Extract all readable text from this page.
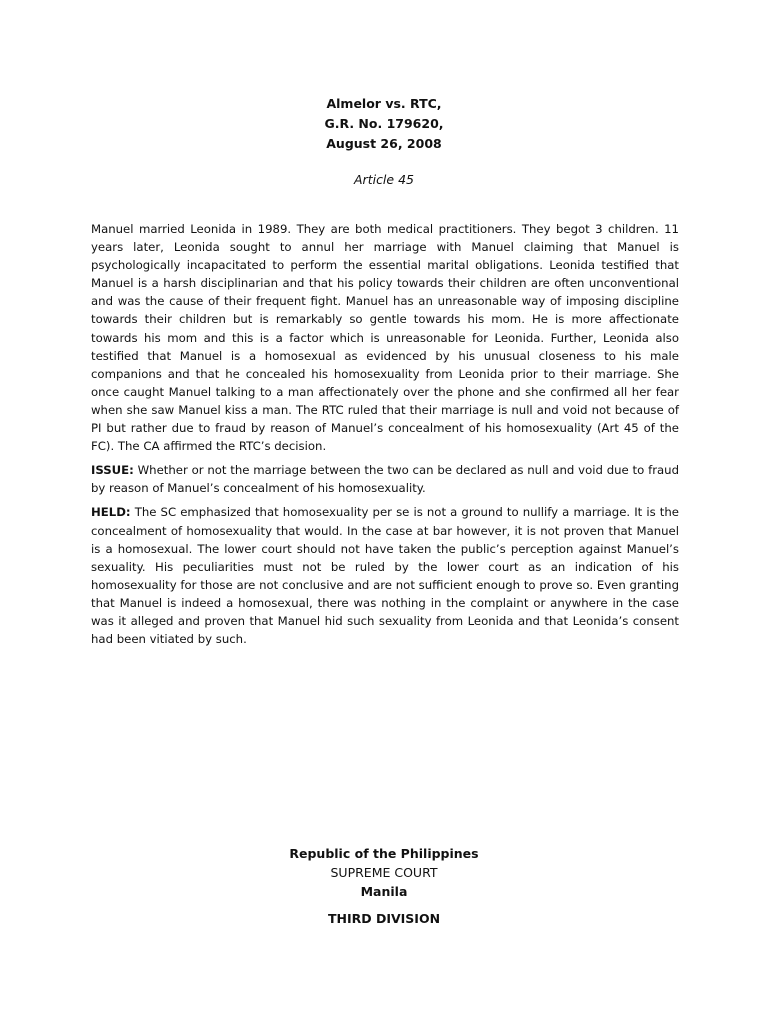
Almelor vs. RTC,
G.R. No. 179620,
August 26, 2008
Article 45

Manuel married Leonida in 1989. They are both medical practitioners. They begot 3 children. 11 years later, Leonida sought to annul her marriage with Manuel claiming that Manuel is psychologically incapacitated to perform the essential marital obligations. Leonida testified that Manuel is a harsh disciplinarian and that his policy towards their children are often unconventional and was the cause of their frequent fight. Manuel has an unreasonable way of imposing discipline towards their children but is remarkably so gentle towards his mom. He is more affectionate towards his mom and this is a factor which is unreasonable for Leonida. Further, Leonida also testified that Manuel is a homosexual as evidenced by his unusual closeness to his male companions and that he concealed his homosexuality from Leonida prior to their marriage. She once caught Manuel talking to a man affectionately over the phone and she confirmed all her fear when she saw Manuel kiss a man. The RTC ruled that their marriage is null and void not because of PI but rather due to fraud by reason of Manuel’s concealment of his homosexuality (Art 45 of the FC). The CA affirmed the RTC’s decision.

ISSUE: Whether or not the marriage between the two can be declared as null and void due to fraud by reason of Manuel’s concealment of his homosexuality.

HELD: The SC emphasized that homosexuality per se is not a ground to nullify a marriage. It is the concealment of homosexuality that would. In the case at bar however, it is not proven that Manuel is a homosexual. The lower court should not have taken the public’s perception against Manuel’s sexuality. His peculiarities must not be ruled by the lower court as an indication of his homosexuality for those are not conclusive and are not sufficient enough to prove so. Even granting that Manuel is indeed a homosexual, there was nothing in the complaint or anywhere in the case was it alleged and proven that Manuel hid such sexuality from Leonida and that Leonida’s consent had been vitiated by such.

Republic of the Philippines
SUPREME COURT
Manila
THIRD DIVISION
